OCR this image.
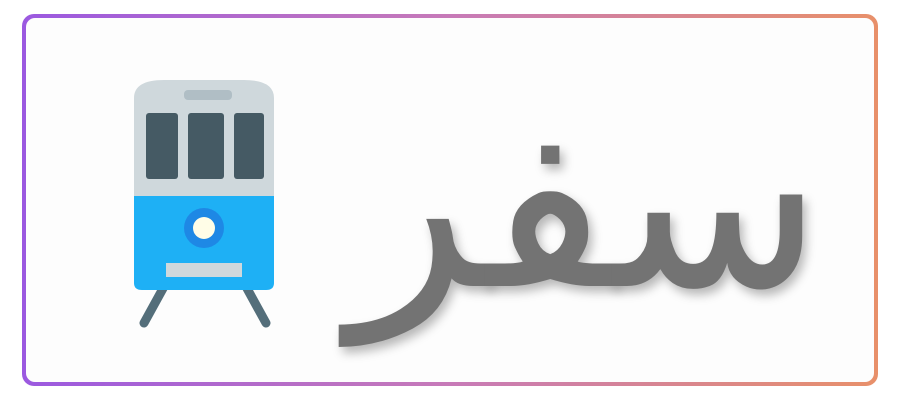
سفر
